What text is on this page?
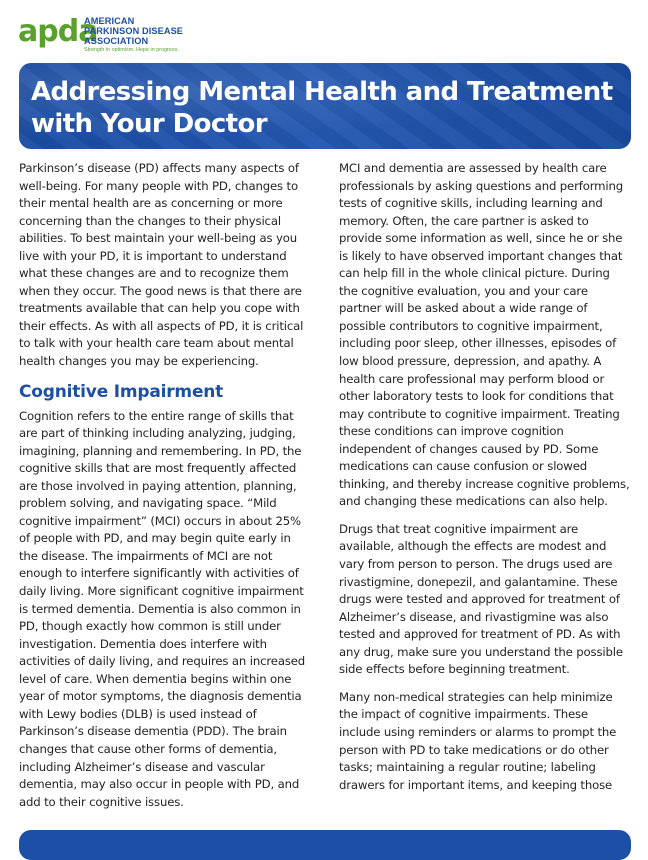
apda
AMERICAN
PARKINSON DISEASE
ASSOCIATION
Strength in optimism. Hope in progress.
Addressing Mental Health and Treatment with Your Doctor

Parkinson’s disease (PD) affects many aspects of well-being. For many people with PD, changes to their mental health are as concerning or more concerning than the changes to their physical abilities. To best maintain your well-being as you live with your PD, it is important to understand what these changes are and to recognize them when they occur. The good news is that there are treatments available that can help you cope with their effects. As with all aspects of PD, it is critical to talk with your health care team about mental health changes you may be experiencing.

Cognitive Impairment

Cognition refers to the entire range of skills that are part of thinking including analyzing, judging, imagining, planning and remembering. In PD, the cognitive skills that are most frequently affected are those involved in paying attention, planning, problem solving, and navigating space. “Mild cognitive impairment” (MCI) occurs in about 25% of people with PD, and may begin quite early in the disease. The impairments of MCI are not enough to interfere significantly with activities of daily living. More significant cognitive impairment is termed dementia. Dementia is also common in PD, though exactly how common is still under investigation. Dementia does interfere with activities of daily living, and requires an increased level of care. When dementia begins within one year of motor symptoms, the diagnosis dementia with Lewy bodies (DLB) is used instead of Parkinson’s disease dementia (PDD). The brain changes that cause other forms of dementia, including Alzheimer’s disease and vascular dementia, may also occur in people with PD, and add to their cognitive issues.

MCI and dementia are assessed by health care professionals by asking questions and performing tests of cognitive skills, including learning and memory. Often, the care partner is asked to provide some information as well, since he or she is likely to have observed important changes that can help fill in the whole clinical picture. During the cognitive evaluation, you and your care partner will be asked about a wide range of possible contributors to cognitive impairment, including poor sleep, other illnesses, episodes of low blood pressure, depression, and apathy. A health care professional may perform blood or other laboratory tests to look for conditions that may contribute to cognitive impairment. Treating these conditions can improve cognition independent of changes caused by PD. Some medications can cause confusion or slowed thinking, and thereby increase cognitive problems, and changing these medications can also help.

Drugs that treat cognitive impairment are available, although the effects are modest and vary from person to person. The drugs used are rivastigmine, donepezil, and galantamine. These drugs were tested and approved for treatment of Alzheimer’s disease, and rivastigmine was also tested and approved for treatment of PD. As with any drug, make sure you understand the possible side effects before beginning treatment.

Many non-medical strategies can help minimize the impact of cognitive impairments. These include using reminders or alarms to prompt the person with PD to take medications or do other tasks; maintaining a regular routine; labeling drawers for important items, and keeping those
